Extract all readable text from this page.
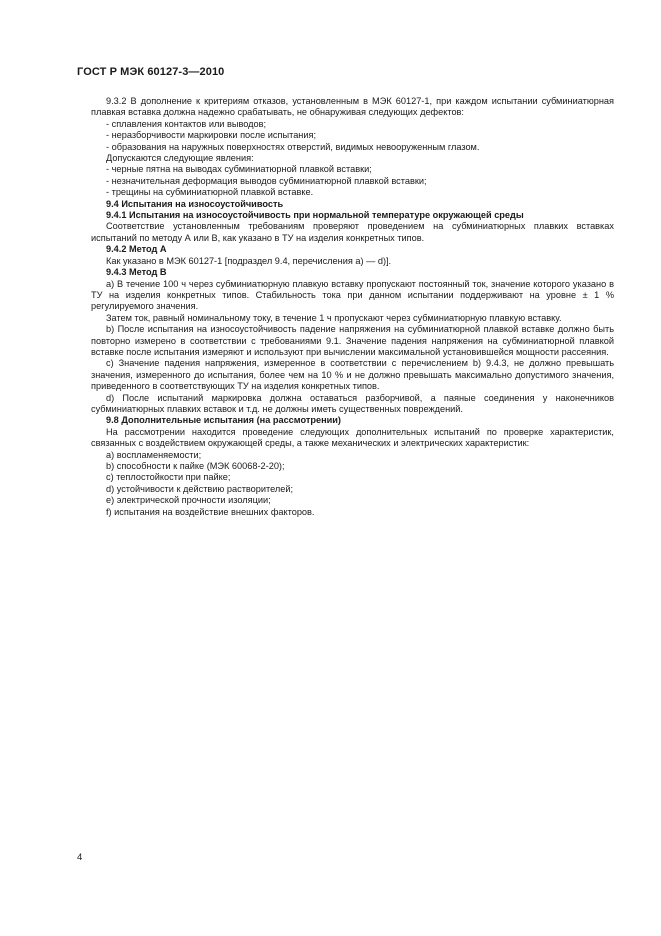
ГОСТ Р МЭК 60127-3—2010

9.3.2 В дополнение к критериям отказов, установленным в МЭК 60127-1, при каждом испытании субминиатюрная плавкая вставка должна надежно срабатывать, не обнаруживая следующих дефектов:

- сплавления контактов или выводов;

- неразборчивости маркировки после испытания;

- образования на наружных поверхностях отверстий, видимых невооруженным глазом.

Допускаются следующие явления:

- черные пятна на выводах субминиатюрной плавкой вставки;

- незначительная деформация выводов субминиатюрной плавкой вставки;

- трещины на субминиатюрной плавкой вставке.

9.4 Испытания на износоустойчивость

9.4.1 Испытания на износоустойчивость при нормальной температуре окружающей среды

Соответствие установленным требованиям проверяют проведением на субминиатюрных плавких вставках испытаний по методу А или В, как указано в ТУ на изделия конкретных типов.

9.4.2 Метод А

Как указано в МЭК 60127-1 [подраздел 9.4, перечисления а) — d)].

9.4.3 Метод В

a) В течение 100 ч через субминиатюрную плавкую вставку пропускают постоянный ток, значение которого указано в ТУ на изделия конкретных типов. Стабильность тока при данном испытании поддерживают на уровне ± 1 % регулируемого значения.

Затем ток, равный номинальному току, в течение 1 ч пропускают через субминиатюрную плавкую вставку.

b) После испытания на износоустойчивость падение напряжения на субминиатюрной плавкой вставке должно быть повторно измерено в соответствии с требованиями 9.1. Значение падения напряжения на субминиатюрной плавкой вставке после испытания измеряют и используют при вычислении максимальной установившейся мощности рассеяния.

c) Значение падения напряжения, измеренное в соответствии с перечислением b) 9.4.3, не должно превышать значения, измеренного до испытания, более чем на 10 % и не должно превышать максимально допустимого значения, приведенного в соответствующих ТУ на изделия конкретных типов.

d) После испытаний маркировка должна оставаться разборчивой, а паяные соединения у наконечников субминиатюрных плавких вставок и т.д. не должны иметь существенных повреждений.

9.8 Дополнительные испытания (на рассмотрении)

На рассмотрении находится проведение следующих дополнительных испытаний по проверке характеристик, связанных с воздействием окружающей среды, а также механических и электрических характеристик:

a) воспламеняемости;

b) способности к пайке (МЭК 60068-2-20);

c) теплостойкости при пайке;

d) устойчивости к действию растворителей;

e) электрической прочности изоляции;

f) испытания на воздействие внешних факторов.

4
